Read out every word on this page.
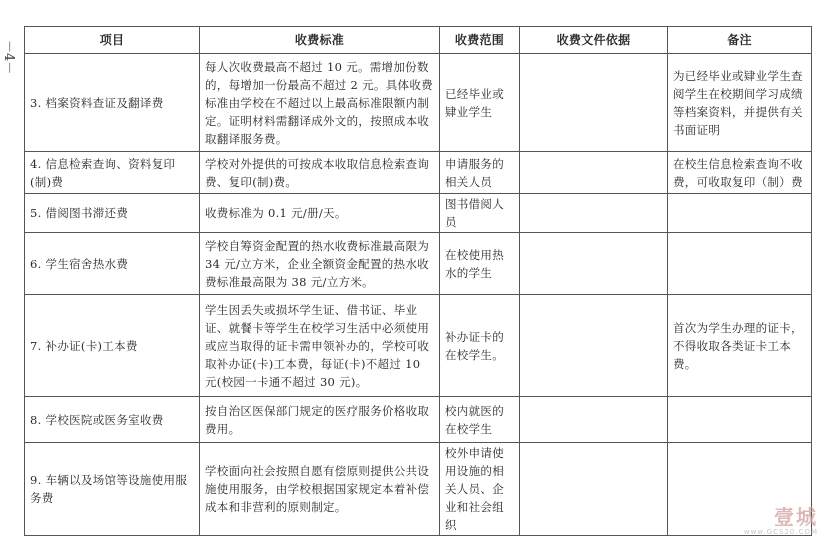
－4－	项目	收费标准	收费范围	收费文件依据	备注
3. 档案资料查证及翻译费	每人次收费最高不超过 10 元。需增加份数的，每增加一份最高不超过 2 元。具体收费标准由学校在不超过以上最高标准限额内制定。证明材料需翻译成外文的，按照成本收取翻译服务费。	已经毕业或肄业学生		为已经毕业或肄业学生查阅学生在校期间学习成绩等档案资料，并提供有关书面证明
4. 信息检索查询、资料复印(制)费	学校对外提供的可按成本收取信息检索查询费、复印(制)费。	申请服务的相关人员		在校生信息检索查询不收费，可收取复印（制）费
5. 借阅图书滞还费	收费标准为 0.1 元/册/天。	图书借阅人员		
6. 学生宿舍热水费	学校自筹资金配置的热水收费标准最高限为 34 元/立方米，企业全额资金配置的热水收费标准最高限为 38 元/立方米。	在校使用热水的学生		
7. 补办证(卡)工本费	学生因丢失或损坏学生证、借书证、毕业证、就餐卡等学生在校学习生活中必须使用或应当取得的证卡需申领补办的，学校可收取补办证(卡)工本费，每证(卡)不超过 10 元(校园一卡通不超过 30 元)。	补办证卡的在校学生。		首次为学生办理的证卡，不得收取各类证卡工本费。
8. 学校医院或医务室收费	按自治区医保部门规定的医疗服务价格收取费用。	校内就医的在校学生		
9. 车辆以及场馆等设施使用服务费	学校面向社会按照自愿有偿原则提供公共设施使用服务，由学校根据国家规定本着补偿成本和非营利的原则制定。	校外申请使用设施的相关人员、企业和社会组织			壹城
www.GCS20.COM
